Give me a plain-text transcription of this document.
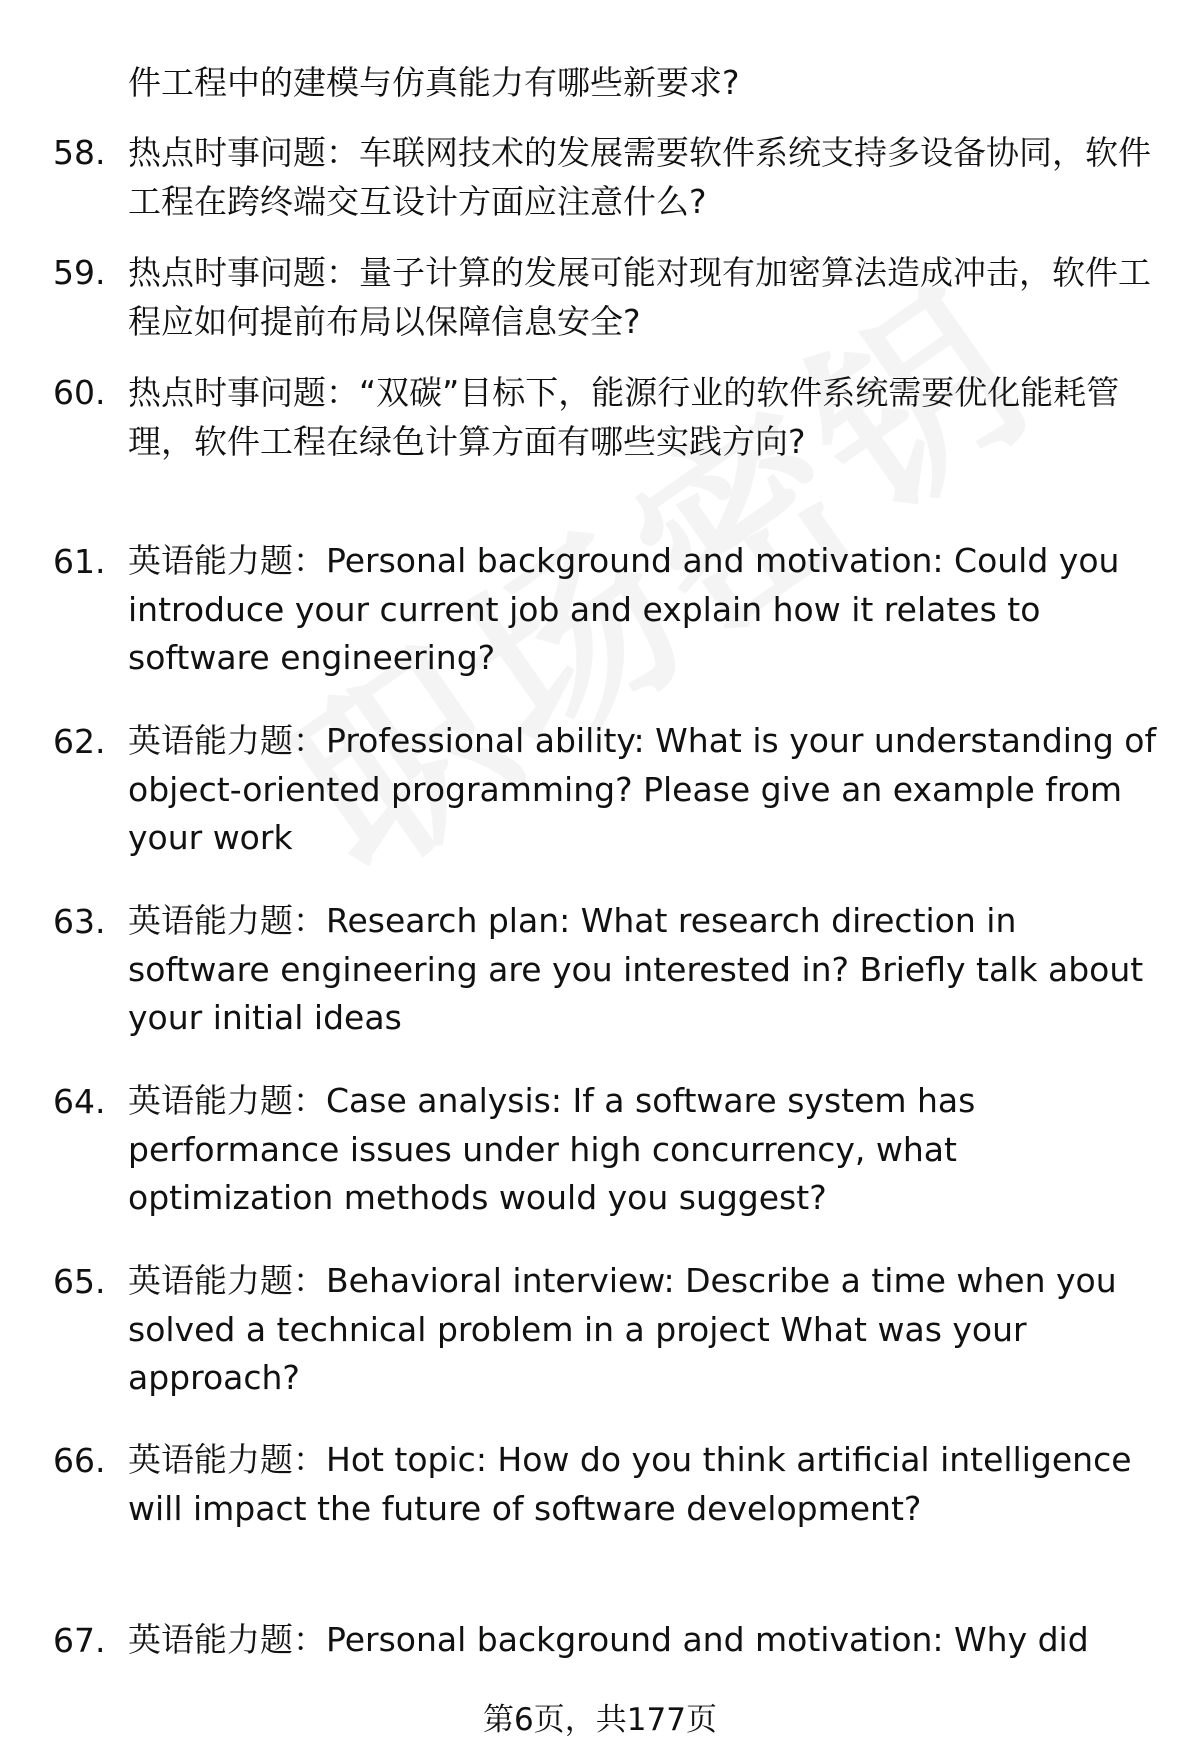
件工程中的建模与仿真能力有哪些新要求?
58. 热点时事问题：车联网技术的发展需要软件系统支持多设备协同，软件工程在跨终端交互设计方面应注意什么?
59. 热点时事问题：量子计算的发展可能对现有加密算法造成冲击，软件工程应如何提前布局以保障信息安全?
60. 热点时事问题：“双碳”目标下，能源行业的软件系统需要优化能耗管理，软件工程在绿色计算方面有哪些实践方向?
61. 英语能力题：Personal background and motivation: Could you introduce your current job and explain how it relates to software engineering?
62. 英语能力题：Professional ability: What is your understanding of object-oriented programming? Please give an example from your work
63. 英语能力题：Research plan: What research direction in software engineering are you interested in? Briefly talk about your initial ideas
64. 英语能力题：Case analysis: If a software system has performance issues under high concurrency, what optimization methods would you suggest?
65. 英语能力题：Behavioral interview: Describe a time when you solved a technical problem in a project What was your approach?
66. 英语能力题：Hot topic: How do you think artificial intelligence will impact the future of software development?
67. 英语能力题：Personal background and motivation: Why did
第6页，共177页
